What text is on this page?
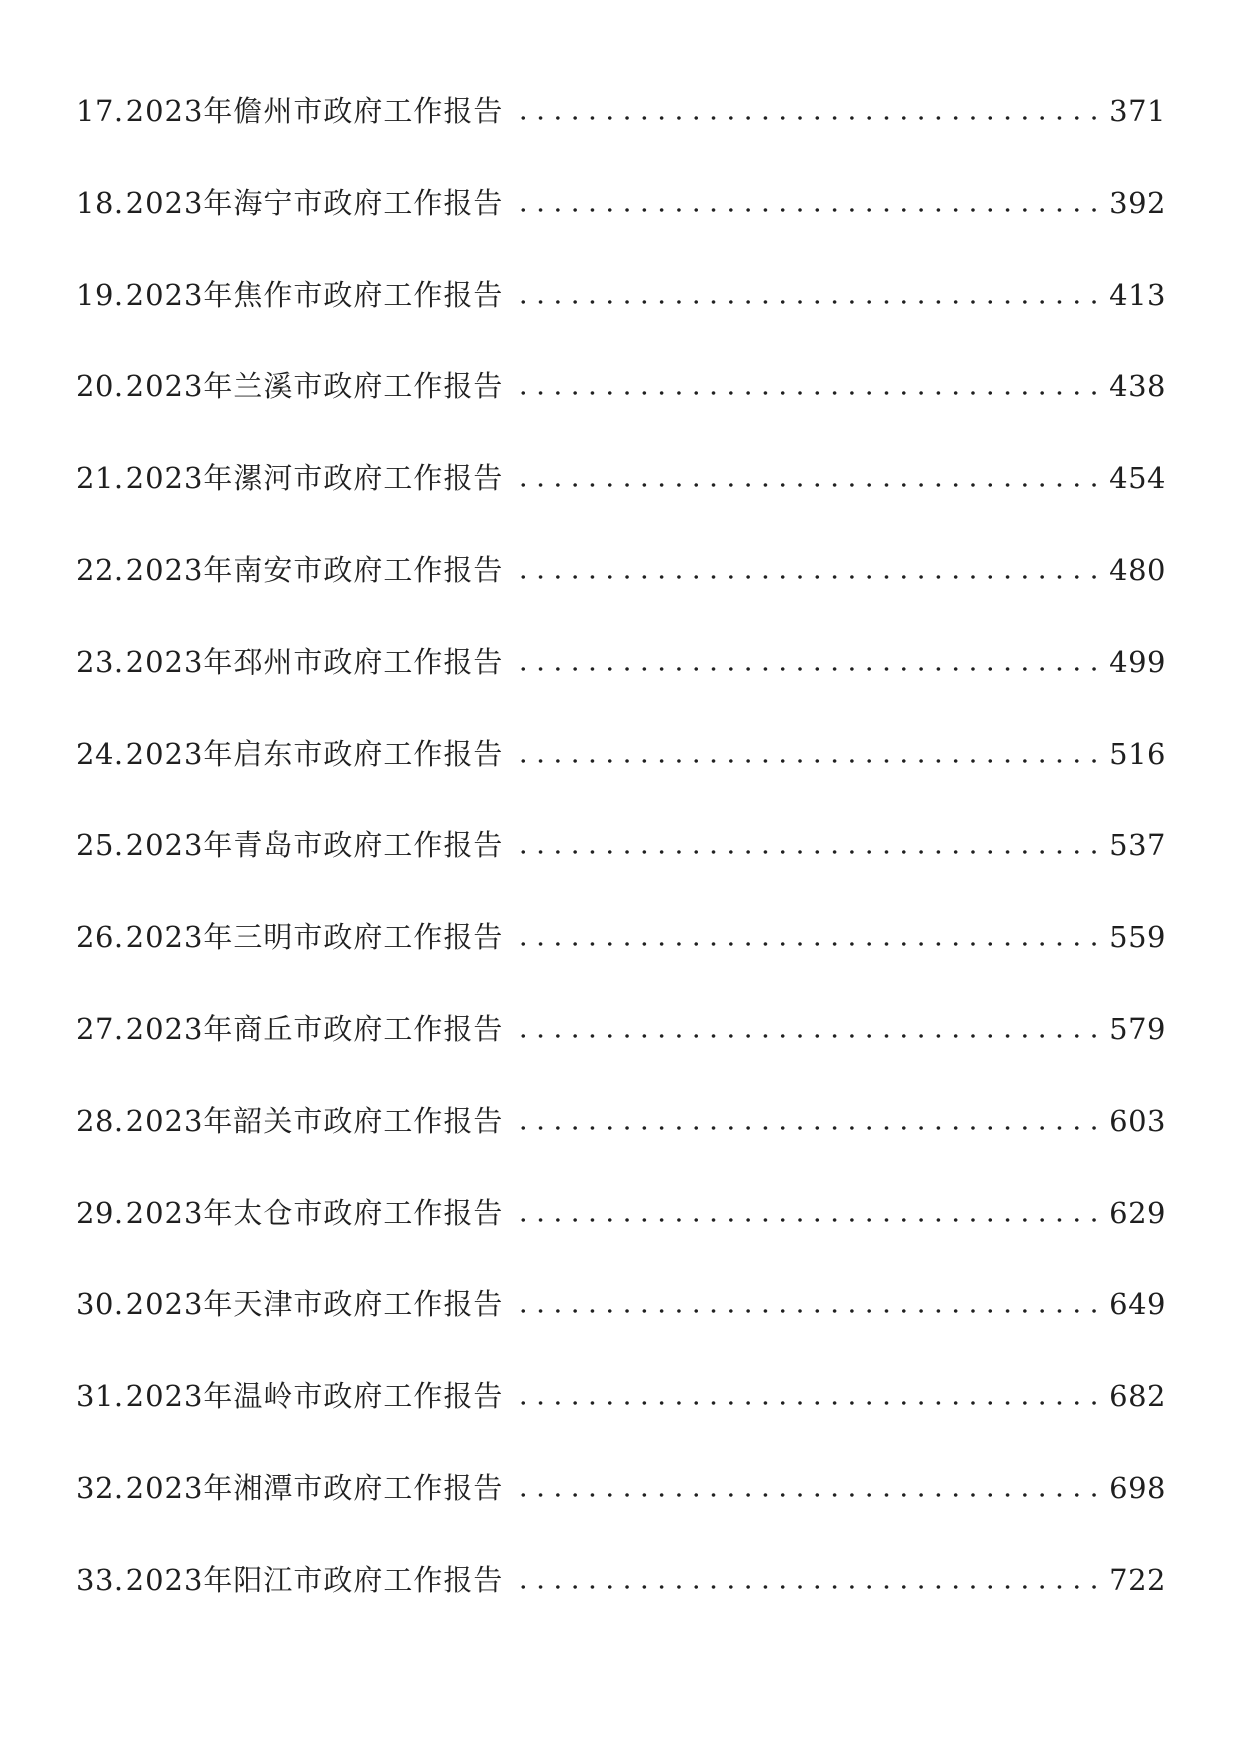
17. 2023年儋州市政府工作报告	371
18. 2023年海宁市政府工作报告	392
19. 2023年焦作市政府工作报告	413
20. 2023年兰溪市政府工作报告	438
21. 2023年漯河市政府工作报告	454
22. 2023年南安市政府工作报告	480
23. 2023年邳州市政府工作报告	499
24. 2023年启东市政府工作报告	516
25. 2023年青岛市政府工作报告	537
26. 2023年三明市政府工作报告	559
27. 2023年商丘市政府工作报告	579
28. 2023年韶关市政府工作报告	603
29. 2023年太仓市政府工作报告	629
30. 2023年天津市政府工作报告	649
31. 2023年温岭市政府工作报告	682
32. 2023年湘潭市政府工作报告	698
33. 2023年阳江市政府工作报告	722
